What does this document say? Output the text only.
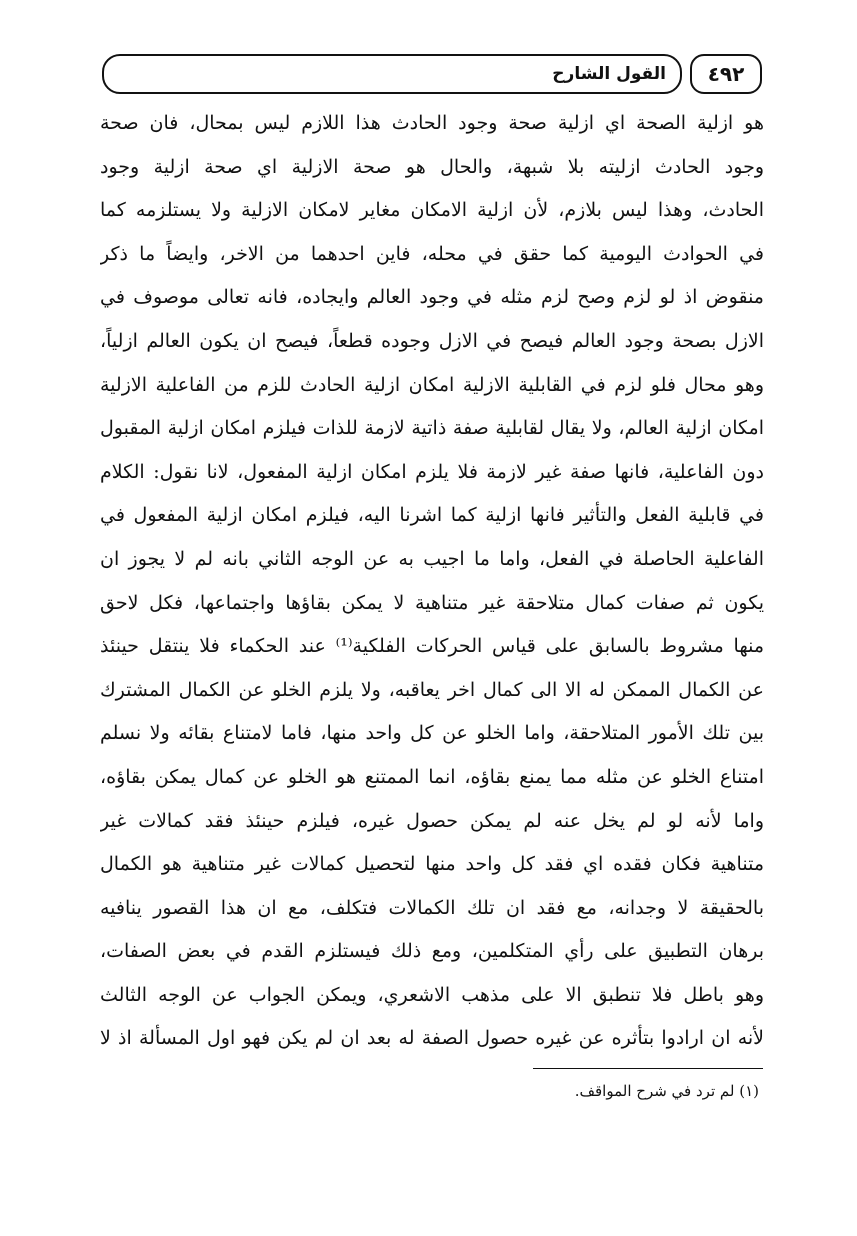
القول الشارح ٤٩٢
هو ازلية الصحة اي ازلية صحة وجود الحادث هذا اللازم ليس بمحال، فان صحة
وجود الحادث ازليته بلا شبهة، والحال هو صحة الازلية اي صحة ازلية وجود
الحادث، وهذا ليس بلازم، لأن ازلية الامكان مغاير لامكان الازلية ولا يستلزمه كما
في الحوادث اليومية كما حقق في محله، فاين احدهما من الاخر، وايضاً ما ذكر
منقوض اذ لو لزم وصح لزم مثله في وجود العالم وايجاده، فانه تعالى موصوف في
الازل بصحة وجود العالم فيصح في الازل وجوده قطعاً، فيصح ان يكون العالم ازلياً،
وهو محال فلو لزم في القابلية الازلية امكان ازلية الحادث للزم من الفاعلية الازلية
امكان ازلية العالم، ولا يقال لقابلية صفة ذاتية لازمة للذات فيلزم امكان ازلية المقبول
دون الفاعلية، فانها صفة غير لازمة فلا يلزم امكان ازلية المفعول، لانا نقول: الكلام
في قابلية الفعل والتأثير فانها ازلية كما اشرنا اليه، فيلزم امكان ازلية المفعول في
الفاعلية الحاصلة في الفعل، واما ما اجيب به عن الوجه الثاني بانه لم لا يجوز ان
يكون ثم صفات كمال متلاحقة غير متناهية لا يمكن بقاؤها واجتماعها، فكل لاحق
منها مشروط بالسابق على قياس الحركات الفلكية⁽¹⁾ عند الحكماء فلا ينتقل حينئذ
عن الكمال الممكن له الا الى كمال اخر يعاقبه، ولا يلزم الخلو عن الكمال المشترك
بين تلك الأمور المتلاحقة، واما الخلو عن كل واحد منها، فاما لامتناع بقائه ولا نسلم
امتناع الخلو عن مثله مما يمنع بقاؤه، انما الممتنع هو الخلو عن كمال يمكن بقاؤه،
واما لأنه لو لم يخل عنه لم يمكن حصول غيره، فيلزم حينئذ فقد كمالات غير
متناهية فكان فقده اي فقد كل واحد منها لتحصيل كمالات غير متناهية هو الكمال
بالحقيقة لا وجدانه، مع فقد ان تلك الكمالات فتكلف، مع ان هذا القصور ينافيه
برهان التطبيق على رأي المتكلمين، ومع ذلك فيستلزم القدم في بعض الصفات،
وهو باطل فلا تنطبق الا على مذهب الاشعري، ويمكن الجواب عن الوجه الثالث
لأنه ان ارادوا بتأثره عن غيره حصول الصفة له بعد ان لم يكن فهو اول المسألة اذ لا
(١) لم ترد في شرح المواقف.
